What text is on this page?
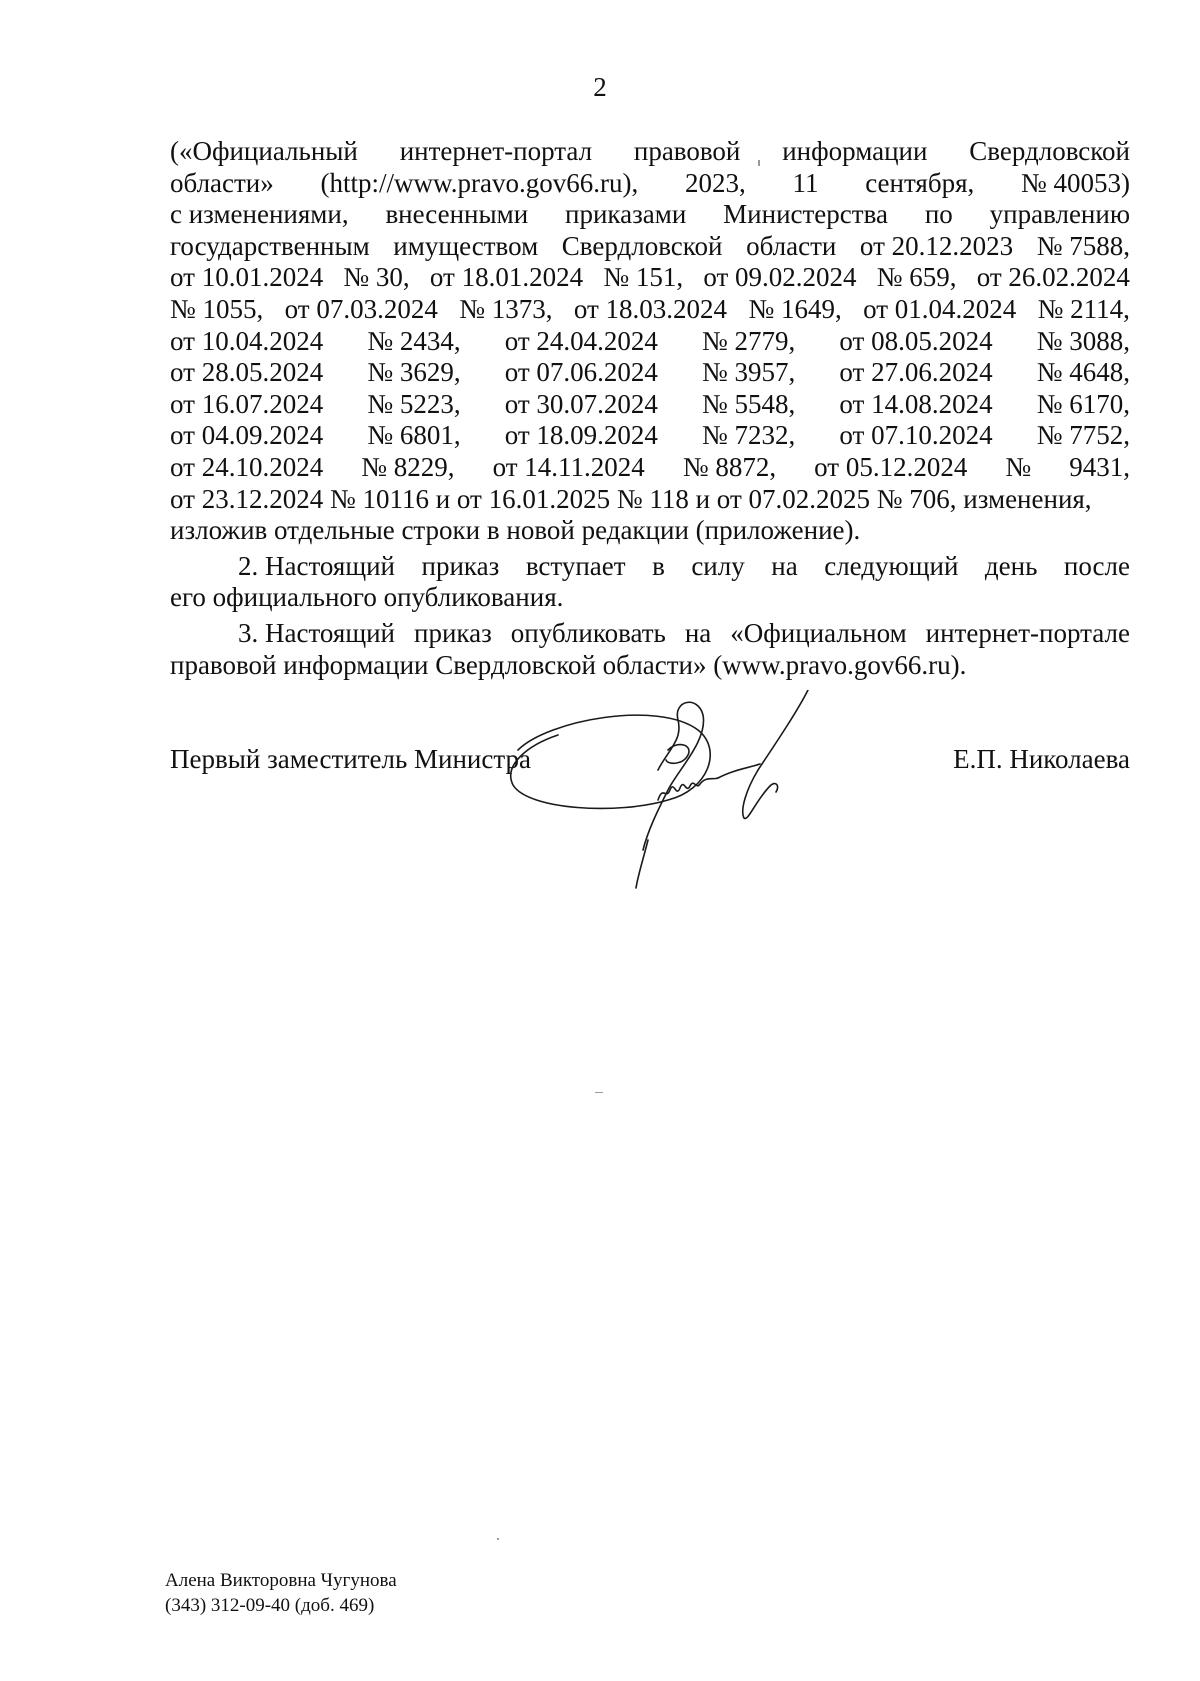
2
(«Официальный интернет-портал правовой информации Свердловской
области» (http://www.pravo.gov66.ru), 2023, 11 сентября, № 40053)
с изменениями, внесенными приказами Министерства по управлению
государственным имуществом Свердловской области от 20.12.2023 № 7588,
от 10.01.2024 № 30, от 18.01.2024 № 151, от 09.02.2024 № 659, от 26.02.2024
№ 1055, от 07.03.2024 № 1373, от 18.03.2024 № 1649, от 01.04.2024 № 2114,
от 10.04.2024 № 2434, от 24.04.2024 № 2779, от 08.05.2024 № 3088,
от 28.05.2024 № 3629, от 07.06.2024 № 3957, от 27.06.2024 № 4648,
от 16.07.2024 № 5223, от 30.07.2024 № 5548, от 14.08.2024 № 6170,
от 04.09.2024 № 6801, от 18.09.2024 № 7232, от 07.10.2024 № 7752,
от 24.10.2024 № 8229, от 14.11.2024 № 8872, от 05.12.2024 № 9431,
от 23.12.2024 № 10116 и от 16.01.2025 № 118 и от 07.02.2025 № 706, изменения,
изложив отдельные строки в новой редакции (приложение).
2. Настоящий приказ вступает в силу на следующий день после
его официального опубликования.
3. Настоящий приказ опубликовать на «Официальном интернет-портале
правовой информации Свердловской области» (www.pravo.gov66.ru).
Первый заместитель Министра	Е.П. Николаева
Алена Викторовна Чугунова
(343) 312-09-40 (доб. 469)
